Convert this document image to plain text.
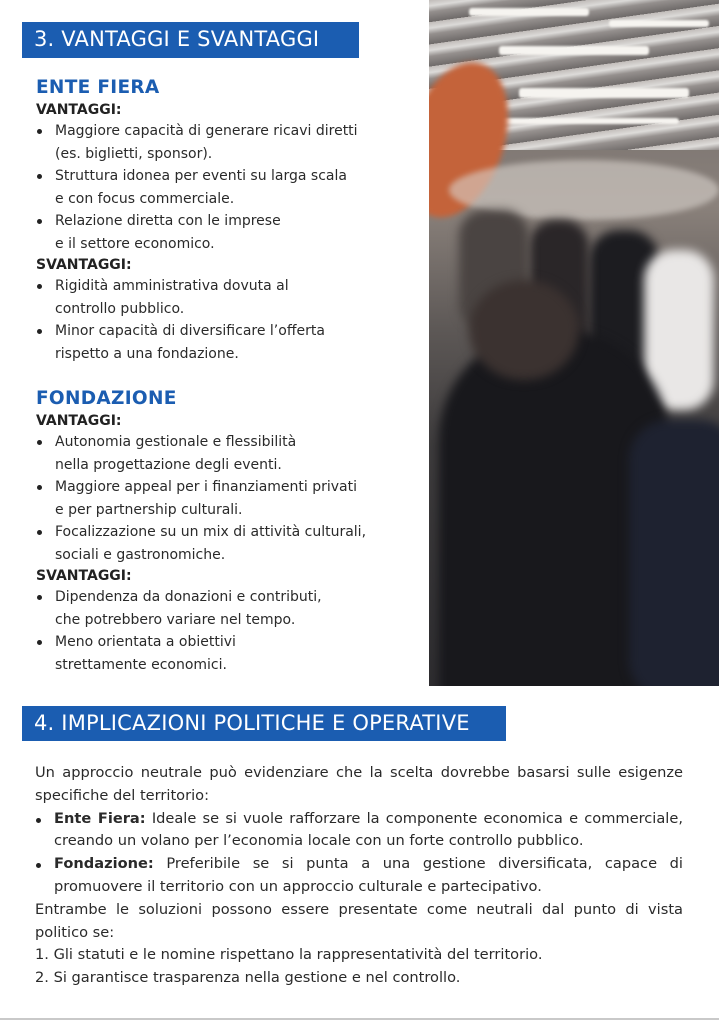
3. VANTAGGI E SVANTAGGI
ENTE FIERA
VANTAGGI:
Maggiore capacità di generare ricavi diretti
(es. biglietti, sponsor).
Struttura idonea per eventi su larga scala
e con focus commerciale.
Relazione diretta con le imprese
e il settore economico.
SVANTAGGI:
Rigidità amministrativa dovuta al
controllo pubblico.
Minor capacità di diversificare l’offerta
rispetto a una fondazione.
FONDAZIONE
VANTAGGI:
Autonomia gestionale e flessibilità
nella progettazione degli eventi.
Maggiore appeal per i finanziamenti privati
e per partnership culturali.
Focalizzazione su un mix di attività culturali,
sociali e gastronomiche.
SVANTAGGI:
Dipendenza da donazioni e contributi,
che potrebbero variare nel tempo.
Meno orientata a obiettivi
strettamente economici.
4. IMPLICAZIONI POLITICHE E OPERATIVE

Un approccio neutrale può evidenziare che la scelta dovrebbe basarsi sulle esigenze specifiche del territorio:

Ente Fiera: Ideale se si vuole rafforzare la componente economica e commerciale, creando un volano per l’economia locale con un forte controllo pubblico.
Fondazione: Preferibile se si punta a una gestione diversificata, capace di promuovere il territorio con un approccio culturale e partecipativo.

Entrambe le soluzioni possono essere presentate come neutrali dal punto di vista politico se:

1. Gli statuti e le nomine rispettano la rappresentatività del territorio.
2. Si garantisce trasparenza nella gestione e nel controllo.
